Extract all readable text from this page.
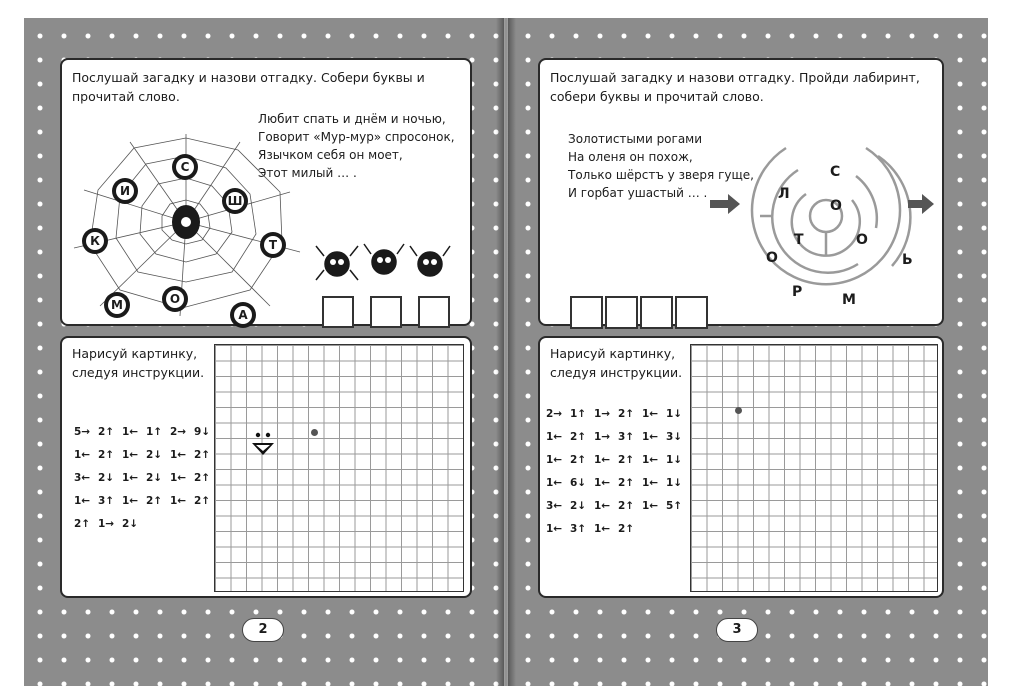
Послушай загадку и назови отгадку. Собери буквы и прочитай слово.
Любит спать и днём и ночью,
Говорит «Мур-мур» спросонок,
Язычком себя он моет,
Этот милый … .
С
И
Ш
К	Т
М	О
А
Нарисуй картинку,
следуя инструкции.
5→ 2↑ 1← 1↑ 2→ 9↓
1← 2↑ 1← 2↓ 1← 2↑
3← 2↓ 1← 2↓ 1← 2↑
1← 3↑ 1← 2↑ 1← 2↑
2↑ 1→ 2↓
2
Послушай загадку и назови отгадку. Пройди лабиринт, собери буквы и прочитай слово.
Золотистыми рогами
На оленя он похож,
Только шёрстъ у зверя гуще,
И горбат ушастый … .
С
Л
О
О
Т
О	Ь
Р	М
Нарисуй картинку,
следуя инструкции.
2→ 1↑ 1→ 2↑ 1← 1↓
1← 2↑ 1→ 3↑ 1← 3↓
1← 2↑ 1← 2↑ 1← 1↓
1← 6↓ 1← 2↑ 1← 1↓
3← 2↓ 1← 2↑ 1← 5↑
1← 3↑ 1← 2↑
3
